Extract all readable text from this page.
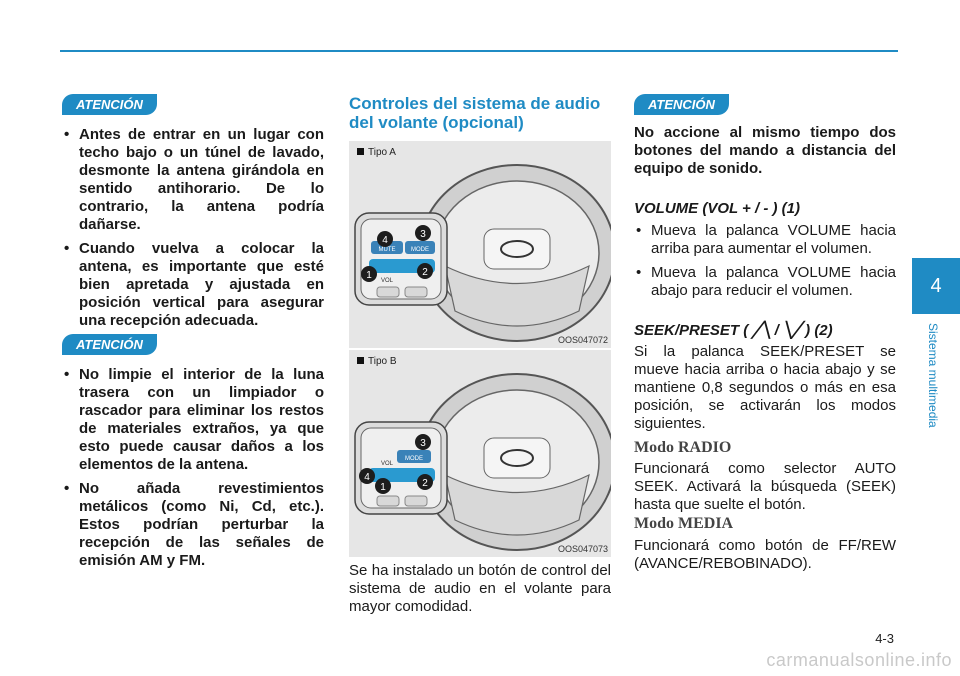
ATENCIÓN
• Antes de entrar en un lugar con techo bajo o un túnel de lavado, desmonte la antena girándola en sentido antihorario. De lo contrario, la antena podría dañarse.
• Cuando vuelva a colocar la antena, es importante que esté bien apretada y ajustada en posición vertical para asegurar una recepción adecuada.
ATENCIÓN
• No limpie el interior de la luna trasera con un limpiador o rascador para eliminar los restos de materiales extraños, ya que esto puede causar daños a los elementos de la antena.
• No añada revestimientos metálicos (como Ni, Cd, etc.). Estos podrían perturbar la recepción de las señales de emisión AM y FM.
Controles del sistema de audio del volante (opcional)
MUTE	MODE
VOL
1	2
3
4
Tipo A
OOS047072
MODE
VOL
1	2
3
4
Tipo B
OOS047073
Se ha instalado un botón de control del sistema de audio en el volante para mayor comodidad.
ATENCIÓN
No accione al mismo tiempo dos botones del mando a distancia del equipo de sonido.
VOLUME (VOL + / - ) (1)
• Mueva la palanca VOLUME hacia arriba para aumentar el volumen.
• Mueva la palanca VOLUME hacia abajo para reducir el volumen.
SEEK/PRESET ( ╱╲ / ╲╱ ) (2)
Si la palanca SEEK/PRESET se mueve hacia arriba o hacia abajo y se mantiene 0,8 segundos o más en esa posición, se activarán los modos siguientes.
Modo RADIO
Funcionará como selector AUTO SEEK. Activará la búsqueda (SEEK) hasta que suelte el botón.
Modo MEDIA
Funcionará como botón de FF/REW (AVANCE/REBOBINADO).
4
Sistema multimedia
4-3
carmanualsonline.info
